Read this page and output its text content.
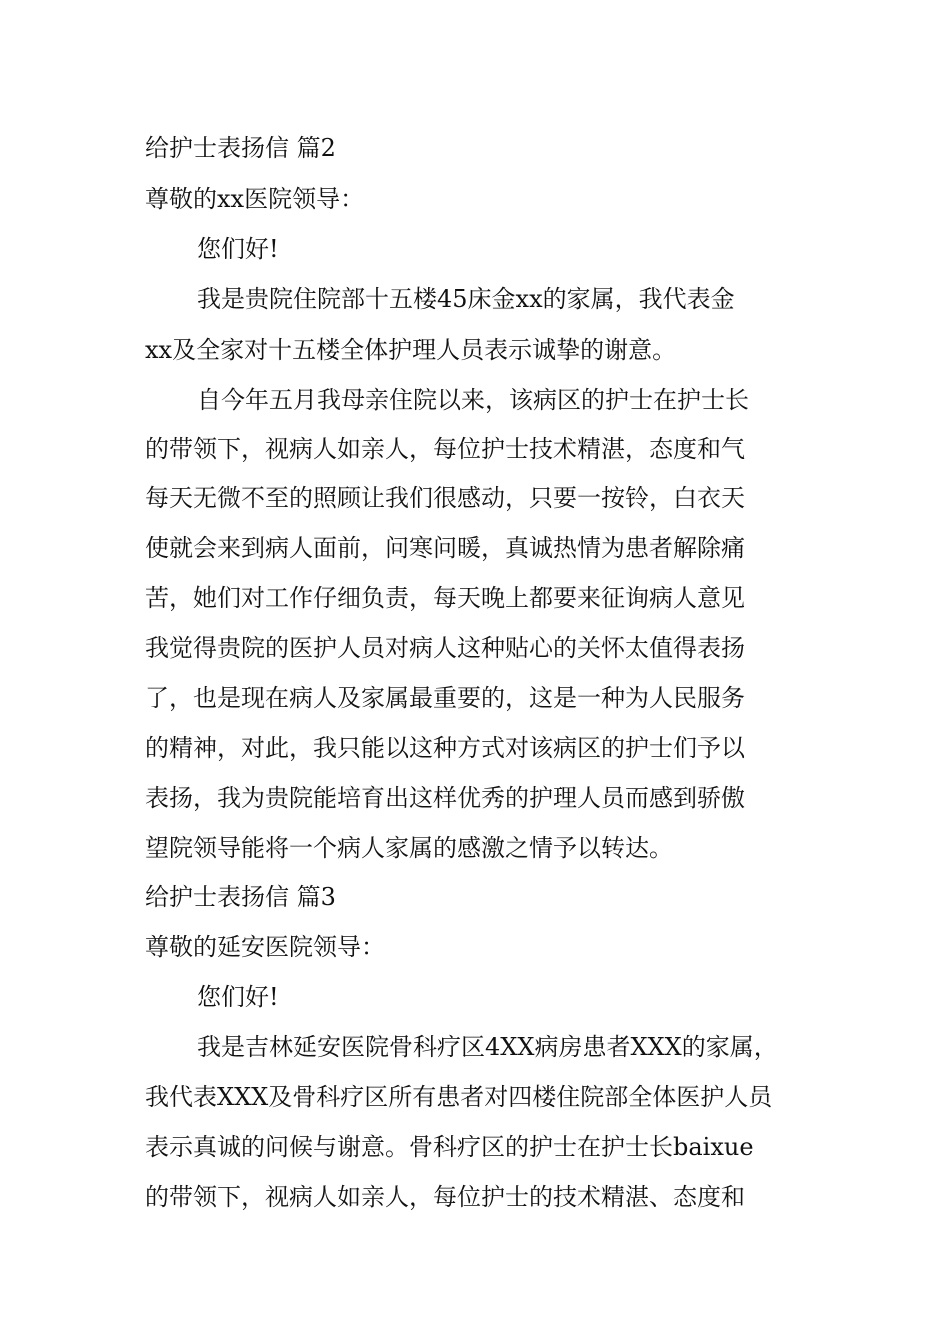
给护士表扬信 篇2
尊敬的xx医院领导：
您们好!
我是贵院住院部十五楼45床金xx的家属，我代表金
xx及全家对十五楼全体护理人员表示诚挚的谢意。
自今年五月我母亲住院以来，该病区的护士在护士长
的带领下，视病人如亲人，每位护士技术精湛，态度和气
每天无微不至的照顾让我们很感动，只要一按铃，白衣天
使就会来到病人面前，问寒问暖，真诚热情为患者解除痛
苦，她们对工作仔细负责，每天晚上都要来征询病人意见
我觉得贵院的医护人员对病人这种贴心的关怀太值得表扬
了，也是现在病人及家属最重要的，这是一种为人民服务
的精神，对此，我只能以这种方式对该病区的护士们予以
表扬，我为贵院能培育出这样优秀的护理人员而感到骄傲
望院领导能将一个病人家属的感激之情予以转达。
给护士表扬信 篇3
尊敬的延安医院领导：
您们好!
我是吉林延安医院骨科疗区4XX病房患者XXX的家属，
我代表XXX及骨科疗区所有患者对四楼住院部全体医护人员
表示真诚的问候与谢意。骨科疗区的护士在护士长baixue
的带领下，视病人如亲人，每位护士的技术精湛、态度和
